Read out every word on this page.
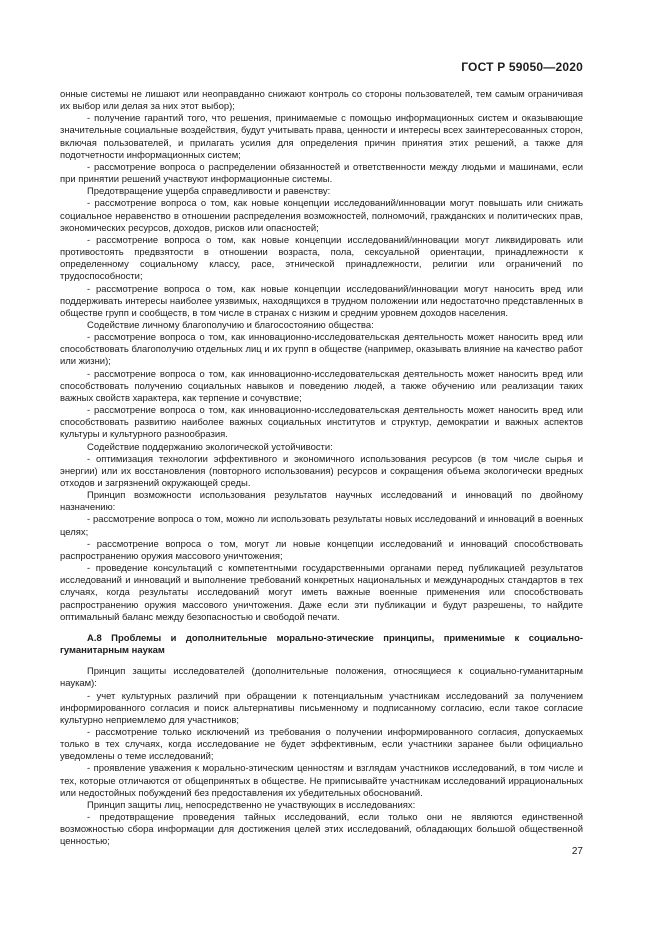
ГОСТ Р 59050—2020

онные системы не лишают или неоправданно снижают контроль со стороны пользователей, тем самым ограничивая их выбор или делая за них этот выбор);

- получение гарантий того, что решения, принимаемые с помощью информационных систем и оказывающие значительные социальные воздействия, будут учитывать права, ценности и интересы всех заинтересованных сторон, включая пользователей, и прилагать усилия для определения причин принятия этих решений, а также для подотчетности информационных систем;

- рассмотрение вопроса о распределении обязанностей и ответственности между людьми и машинами, если при принятии решений участвуют информационные системы.

Предотвращение ущерба справедливости и равенству:

- рассмотрение вопроса о том, как новые концепции исследований/инновации могут повышать или снижать социальное неравенство в отношении распределения возможностей, полномочий, гражданских и политических прав, экономических ресурсов, доходов, рисков или опасностей;

- рассмотрение вопроса о том, как новые концепции исследований/инновации могут ликвидировать или противостоять предвзятости в отношении возраста, пола, сексуальной ориентации, принадлежности к определенному социальному классу, расе, этнической принадлежности, религии или ограничений по трудоспособности;

- рассмотрение вопроса о том, как новые концепции исследований/инновации могут наносить вред или поддерживать интересы наиболее уязвимых, находящихся в трудном положении или недостаточно представленных в обществе групп и сообществ, в том числе в странах с низким и средним уровнем доходов населения.

Содействие личному благополучию и благосостоянию общества:

- рассмотрение вопроса о том, как инновационно-исследовательская деятельность может наносить вред или способствовать благополучию отдельных лиц и их групп в обществе (например, оказывать влияние на качество работ или жизни);

- рассмотрение вопроса о том, как инновационно-исследовательская деятельность может наносить вред или способствовать получению социальных навыков и поведению людей, а также обучению или реализации таких важных свойств характера, как терпение и сочувствие;

- рассмотрение вопроса о том, как инновационно-исследовательская деятельность может наносить вред или способствовать развитию наиболее важных социальных институтов и структур, демократии и важных аспектов культуры и культурного разнообразия.

Содействие поддержанию экологической устойчивости:

- оптимизация технологии эффективного и экономичного использования ресурсов (в том числе сырья и энергии) или их восстановления (повторного использования) ресурсов и сокращения объема экологически вредных отходов и загрязнений окружающей среды.

Принцип возможности использования результатов научных исследований и инноваций по двойному назначению:

- рассмотрение вопроса о том, можно ли использовать результаты новых исследований и инноваций в военных целях;

- рассмотрение вопроса о том, могут ли новые концепции исследований и инноваций способствовать распространению оружия массового уничтожения;

- проведение консультаций с компетентными государственными органами перед публикацией результатов исследований и инноваций и выполнение требований конкретных национальных и международных стандартов в тех случаях, когда результаты исследований могут иметь важные военные применения или способствовать распространению оружия массового уничтожения. Даже если эти публикации и будут разрешены, то найдите оптимальный баланс между безопасностью и свободой печати.

А.8 Проблемы и дополнительные морально-этические принципы, применимые к социально-гуманитарным наукам

Принцип защиты исследователей (дополнительные положения, относящиеся к социально-гуманитарным наукам):

- учет культурных различий при обращении к потенциальным участникам исследований за получением информированного согласия и поиск альтернативы письменному и подписанному согласию, если такое согласие культурно неприемлемо для участников;

- рассмотрение только исключений из требования о получении информированного согласия, допускаемых только в тех случаях, когда исследование не будет эффективным, если участники заранее были официально уведомлены о теме исследований;

- проявление уважения к морально-этическим ценностям и взглядам участников исследований, в том числе и тех, которые отличаются от общепринятых в обществе. Не приписывайте участникам исследований иррациональных или недостойных побуждений без предоставления их убедительных обоснований.

Принцип защиты лиц, непосредственно не участвующих в исследованиях:

- предотвращение проведения тайных исследований, если только они не являются единственной возможностью сбора информации для достижения целей этих исследований, обладающих большой общественной ценностью;

27
